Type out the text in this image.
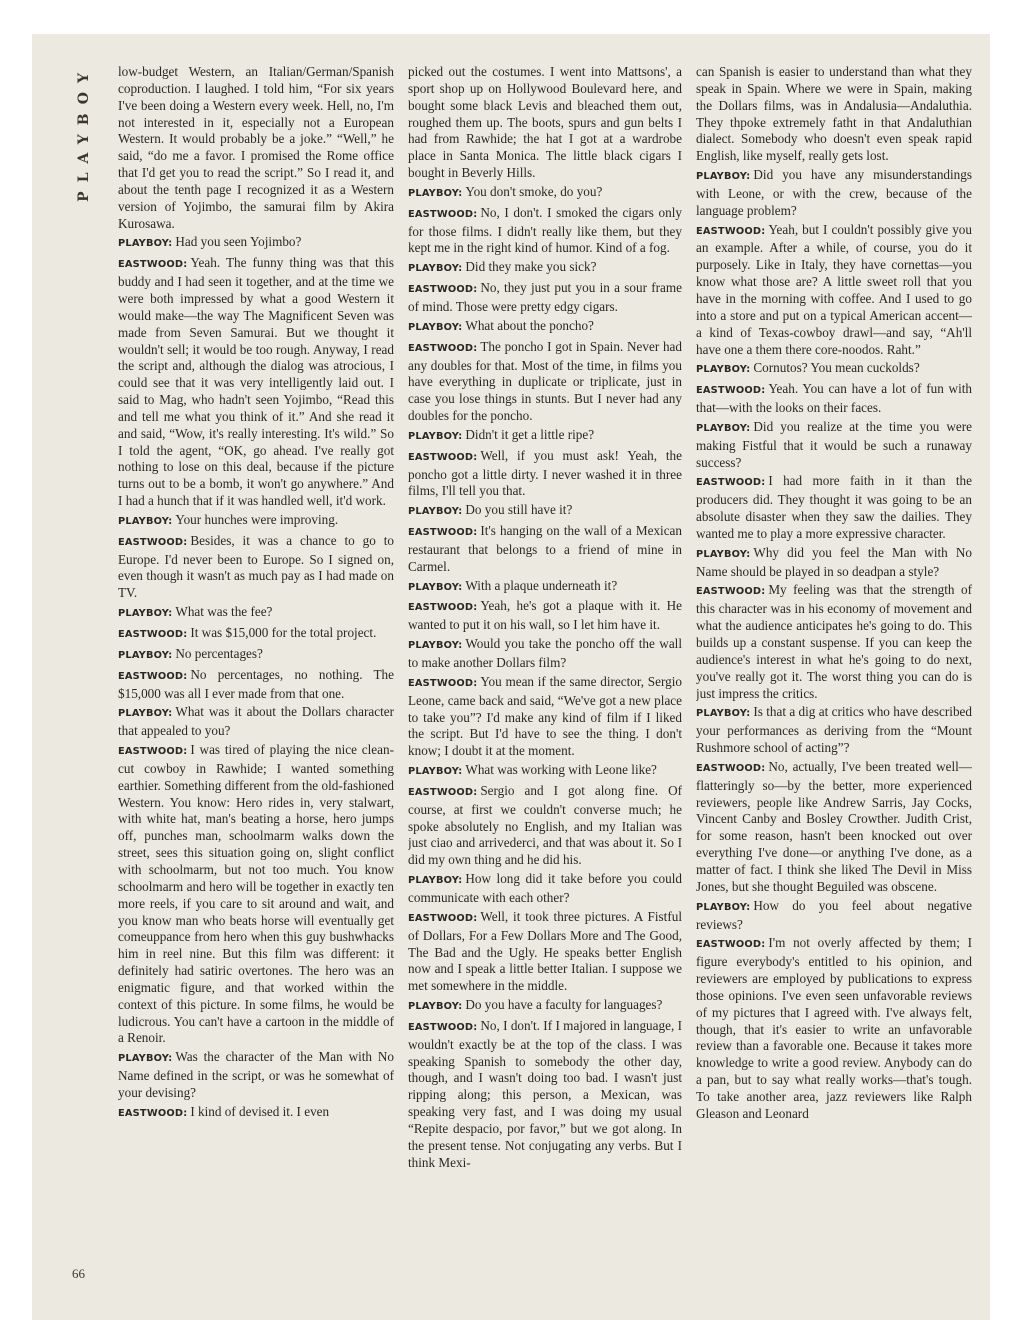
PLAYBOY low-budget Western, an Italian/German/Spanish coproduction. I laughed. I told him, “For six years I've been doing a Western every week. Hell, no, I'm not interested in it, especially not a European Western. It would probably be a joke.” “Well,” he said, “do me a favor. I promised the Rome office that I'd get you to read the script.” So I read it, and about the tenth page I recognized it as a Western version of Yojimbo, the samurai film by Akira Kurosawa.

PLAYBOY: Had you seen Yojimbo?

EASTWOOD: Yeah. The funny thing was that this buddy and I had seen it together, and at the time we were both impressed by what a good Western it would make—the way The Magnificent Seven was made from Seven Samurai. But we thought it wouldn't sell; it would be too rough. Anyway, I read the script and, although the dialog was atrocious, I could see that it was very intelligently laid out. I said to Mag, who hadn't seen Yojimbo, “Read this and tell me what you think of it.” And she read it and said, “Wow, it's really interesting. It's wild.” So I told the agent, “OK, go ahead. I've really got nothing to lose on this deal, because if the picture turns out to be a bomb, it won't go anywhere.” And I had a hunch that if it was handled well, it'd work.

PLAYBOY: Your hunches were improving.

EASTWOOD: Besides, it was a chance to go to Europe. I'd never been to Europe. So I signed on, even though it wasn't as much pay as I had made on TV.

PLAYBOY: What was the fee?

EASTWOOD: It was $15,000 for the total project.

PLAYBOY: No percentages?

EASTWOOD: No percentages, no nothing. The $15,000 was all I ever made from that one.

PLAYBOY: What was it about the Dollars character that appealed to you?

EASTWOOD: I was tired of playing the nice clean-cut cowboy in Rawhide; I wanted something earthier. Something different from the old-fashioned Western. You know: Hero rides in, very stalwart, with white hat, man's beating a horse, hero jumps off, punches man, schoolmarm walks down the street, sees this situation going on, slight conflict with schoolmarm, but not too much. You know schoolmarm and hero will be together in exactly ten more reels, if you care to sit around and wait, and you know man who beats horse will eventually get comeuppance from hero when this guy bushwhacks him in reel nine. But this film was different: it definitely had satiric overtones. The hero was an enigmatic figure, and that worked within the context of this picture. In some films, he would be ludicrous. You can't have a cartoon in the middle of a Renoir.

PLAYBOY: Was the character of the Man with No Name defined in the script, or was he somewhat of your devising?

EASTWOOD: I kind of devised it. I even

picked out the costumes. I went into Mattsons', a sport shop up on Hollywood Boulevard here, and bought some black Levis and bleached them out, roughed them up. The boots, spurs and gun belts I had from Rawhide; the hat I got at a wardrobe place in Santa Monica. The little black cigars I bought in Beverly Hills.

PLAYBOY: You don't smoke, do you?

EASTWOOD: No, I don't. I smoked the cigars only for those films. I didn't really like them, but they kept me in the right kind of humor. Kind of a fog.

PLAYBOY: Did they make you sick?

EASTWOOD: No, they just put you in a sour frame of mind. Those were pretty edgy cigars.

PLAYBOY: What about the poncho?

EASTWOOD: The poncho I got in Spain. Never had any doubles for that. Most of the time, in films you have everything in duplicate or triplicate, just in case you lose things in stunts. But I never had any doubles for the poncho.

PLAYBOY: Didn't it get a little ripe?

EASTWOOD: Well, if you must ask! Yeah, the poncho got a little dirty. I never washed it in three films, I'll tell you that.

PLAYBOY: Do you still have it?

EASTWOOD: It's hanging on the wall of a Mexican restaurant that belongs to a friend of mine in Carmel.

PLAYBOY: With a plaque underneath it?

EASTWOOD: Yeah, he's got a plaque with it. He wanted to put it on his wall, so I let him have it.

PLAYBOY: Would you take the poncho off the wall to make another Dollars film?

EASTWOOD: You mean if the same director, Sergio Leone, came back and said, “We've got a new place to take you”? I'd make any kind of film if I liked the script. But I'd have to see the thing. I don't know; I doubt it at the moment.

PLAYBOY: What was working with Leone like?

EASTWOOD: Sergio and I got along fine. Of course, at first we couldn't converse much; he spoke absolutely no English, and my Italian was just ciao and arrivederci, and that was about it. So I did my own thing and he did his.

PLAYBOY: How long did it take before you could communicate with each other?

EASTWOOD: Well, it took three pictures. A Fistful of Dollars, For a Few Dollars More and The Good, The Bad and the Ugly. He speaks better English now and I speak a little better Italian. I suppose we met somewhere in the middle.

PLAYBOY: Do you have a faculty for languages?

EASTWOOD: No, I don't. If I majored in language, I wouldn't exactly be at the top of the class. I was speaking Spanish to somebody the other day, though, and I wasn't doing too bad. I wasn't just ripping along; this person, a Mexican, was speaking very fast, and I was doing my usual “Repite despacio, por favor,” but we got along. In the present tense. Not conjugating any verbs. But I think Mexi-

can Spanish is easier to understand than what they speak in Spain. Where we were in Spain, making the Dollars films, was in Andalusia—Andaluthia. They thpoke extremely fatht in that Andaluthian dialect. Somebody who doesn't even speak rapid English, like myself, really gets lost.

PLAYBOY: Did you have any misunderstandings with Leone, or with the crew, because of the language problem?

EASTWOOD: Yeah, but I couldn't possibly give you an example. After a while, of course, you do it purposely. Like in Italy, they have cornettas—you know what those are? A little sweet roll that you have in the morning with coffee. And I used to go into a store and put on a typical American accent—a kind of Texas-cowboy drawl—and say, “Ah'll have one a them there core-noodos. Raht.”

PLAYBOY: Cornutos? You mean cuckolds?

EASTWOOD: Yeah. You can have a lot of fun with that—with the looks on their faces.

PLAYBOY: Did you realize at the time you were making Fistful that it would be such a runaway success?

EASTWOOD: I had more faith in it than the producers did. They thought it was going to be an absolute disaster when they saw the dailies. They wanted me to play a more expressive character.

PLAYBOY: Why did you feel the Man with No Name should be played in so deadpan a style?

EASTWOOD: My feeling was that the strength of this character was in his economy of movement and what the audience anticipates he's going to do. This builds up a constant suspense. If you can keep the audience's interest in what he's going to do next, you've really got it. The worst thing you can do is just impress the critics.

PLAYBOY: Is that a dig at critics who have described your performances as deriving from the “Mount Rushmore school of acting”?

EASTWOOD: No, actually, I've been treated well—flatteringly so—by the better, more experienced reviewers, people like Andrew Sarris, Jay Cocks, Vincent Canby and Bosley Crowther. Judith Crist, for some reason, hasn't been knocked out over everything I've done—or anything I've done, as a matter of fact. I think she liked The Devil in Miss Jones, but she thought Beguiled was obscene.

PLAYBOY: How do you feel about negative reviews?

EASTWOOD: I'm not overly affected by them; I figure everybody's entitled to his opinion, and reviewers are employed by publications to express those opinions. I've even seen unfavorable reviews of my pictures that I agreed with. I've always felt, though, that it's easier to write an unfavorable review than a favorable one. Because it takes more knowledge to write a good review. Anybody can do a pan, but to say what really works—that's tough. To take another area, jazz reviewers like Ralph Gleason and Leonard

66
